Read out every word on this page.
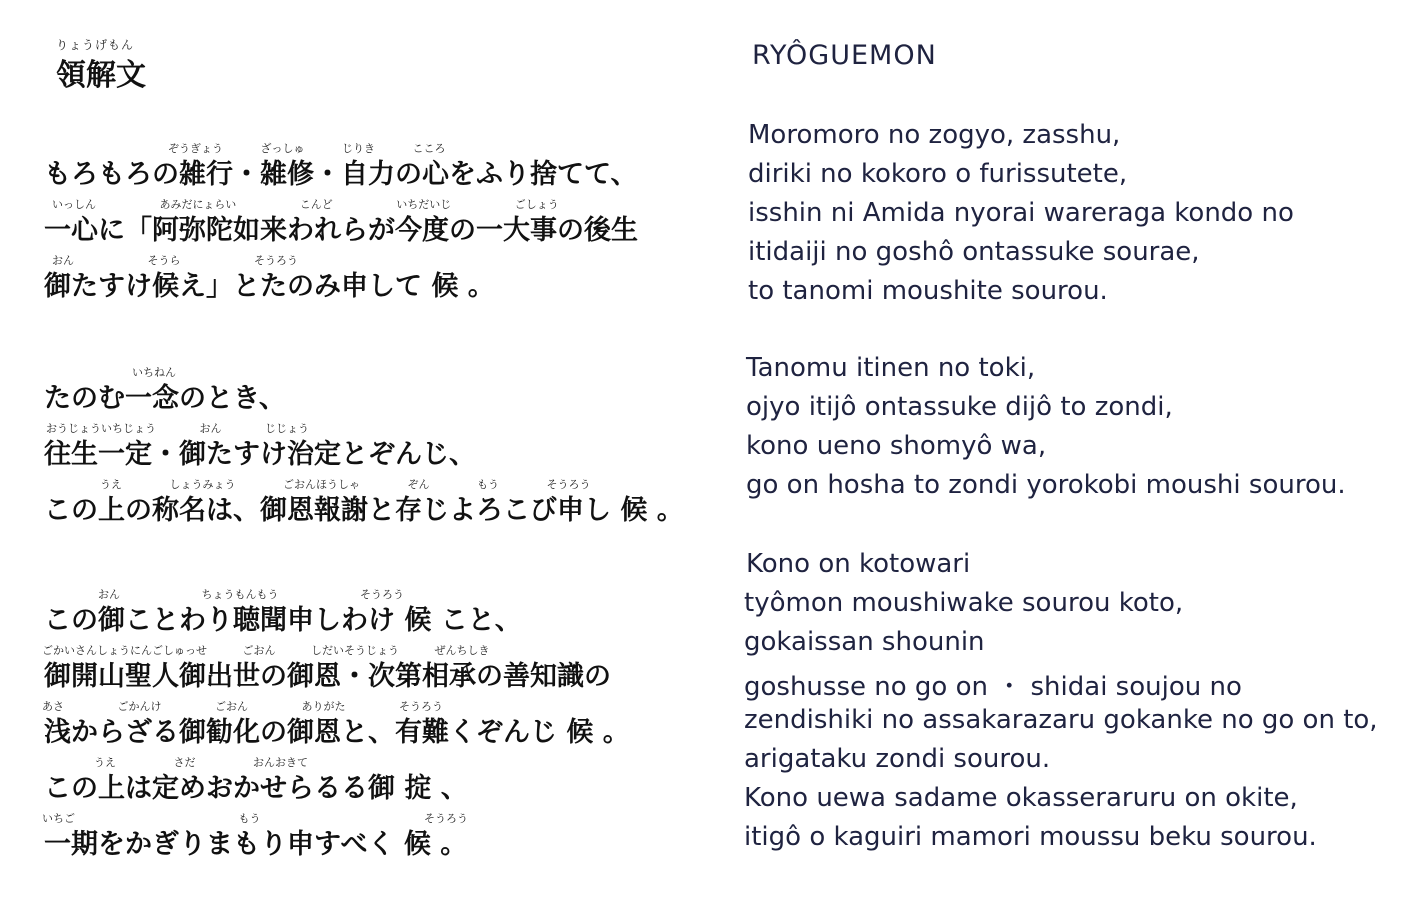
りょうげもん
領解文
ぞうぎょう ざっしゅ じりき こころ
もろもろの雑行・雑修・自力の心をふり捨てて、
いっしん あみだにょらい こんど いちだいじ ごしょう
一心に「阿弥陀如来われらが今度の一大事の後生
おん そうら そうろう
御たすけ候え」とたのみ申して 候 。
いちねん
たのむ一念のとき、
おうじょういちじょう おん じじょう
往生一定・御たすけ治定とぞんじ、
うえ しょうみょう ごおんほうしゃ ぞん もう そうろう
この上の称名は、御恩報謝と存じよろこび申し 候 。
おん ちょうもんもう そうろう
この御ことわり聴聞申しわけ 候 こと、
ごかいさんしょうにんごしゅっせ ごおん しだいそうじょう ぜんちしき
御開山聖人御出世の御恩・次第相承の善知識の
あさ ごかんけ ごおん ありがた そうろう
浅からざる御勧化の御恩と、有難くぞんじ 候 。
うえ さだ おんおきて
この上は定めおかせらるる御 掟 、
いちご もう そうろう
一期をかぎりまもり申すべく 候 。
RYÔGUEMON
Moromoro no zogyo, zasshu,
diriki no kokoro o furissutete,
isshin ni Amida nyorai wareraga kondo no
itidaiji no goshô ontassuke sourae,
to tanomi moushite sourou.
Tanomu itinen no toki,
ojyo itijô ontassuke dijô to zondi,
kono ueno shomyô wa,
go on hosha to zondi yorokobi moushi sourou.
Kono on kotowari
tyômon moushiwake sourou koto,
gokaissan shounin
goshusse no go on ・ shidai soujou no
zendishiki no assakarazaru gokanke no go on to,
arigataku zondi sourou.
Kono uewa sadame okasseraruru on okite,
itigô o kaguiri mamori moussu beku sourou.
